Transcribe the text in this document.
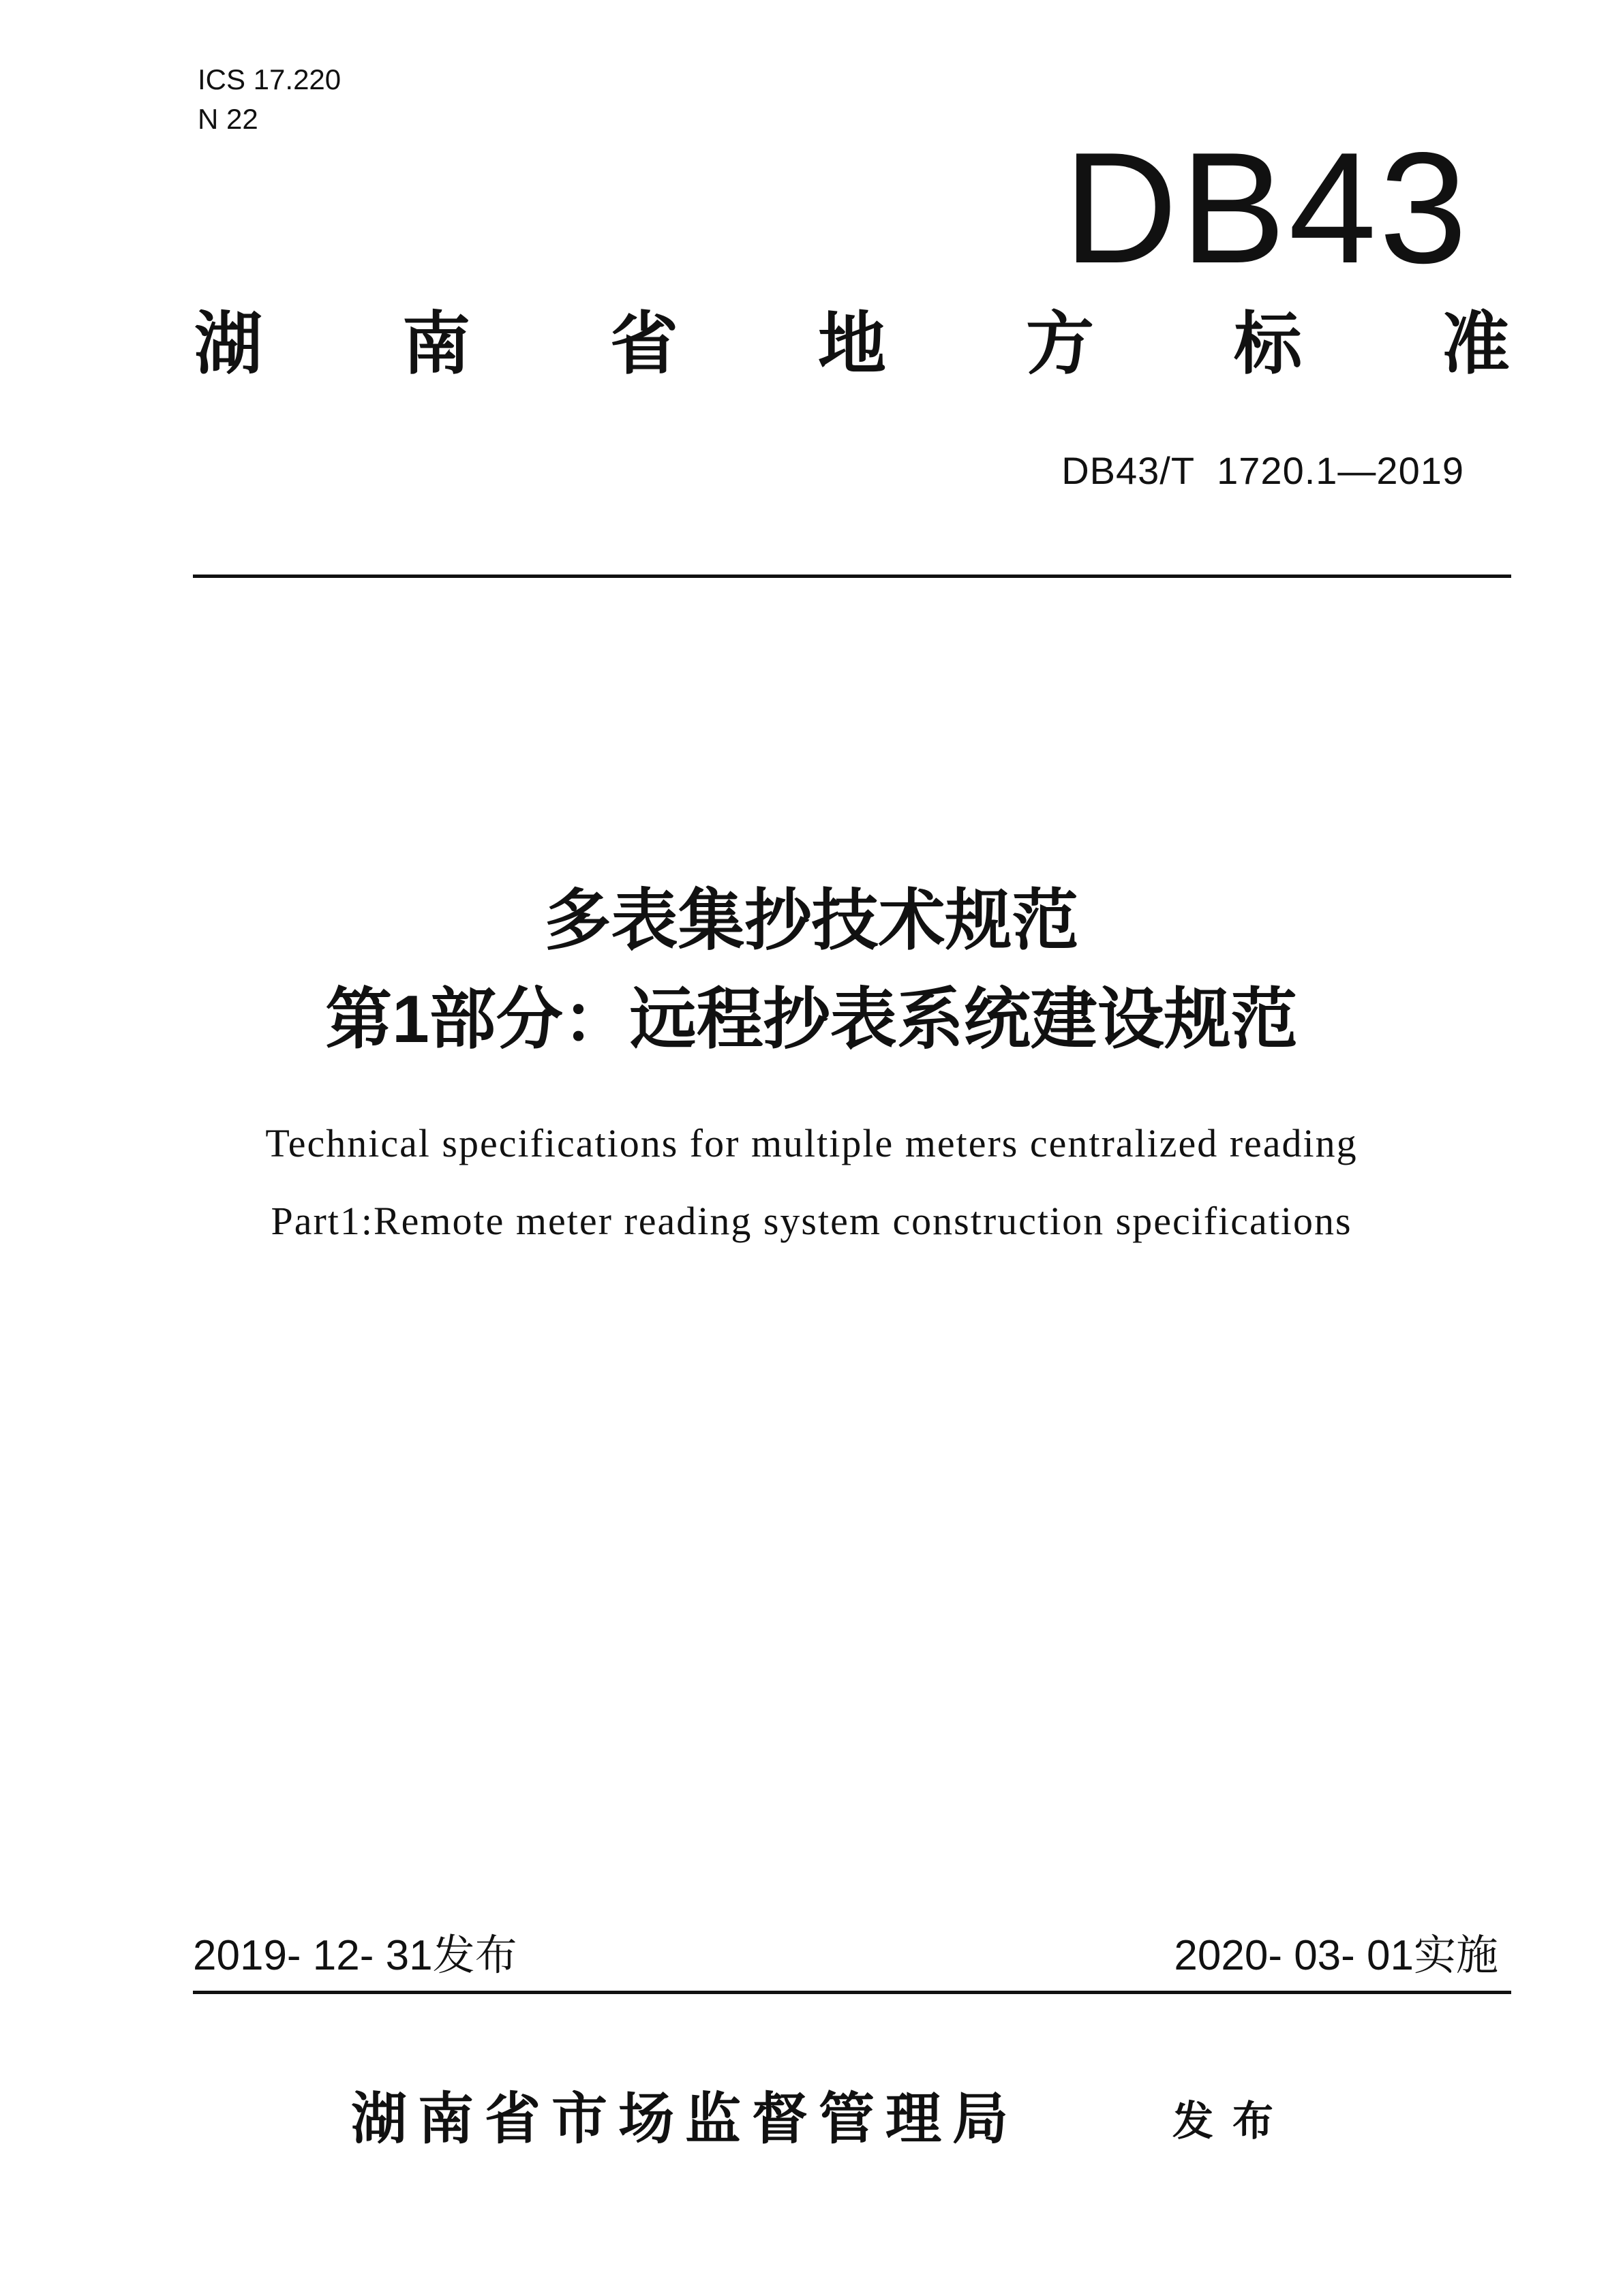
ICS 17.220
N 22
DB43
湖 南 省 地 方 标 准
DB43/T  1720.1—2019
多表集抄技术规范
第1部分：远程抄表系统建设规范
Technical specifications for multiple meters centralized reading
Part1:Remote meter reading system construction specifications
2019- 12- 31发布	2020- 03- 01实施
湖南省市场监督管理局	发布
